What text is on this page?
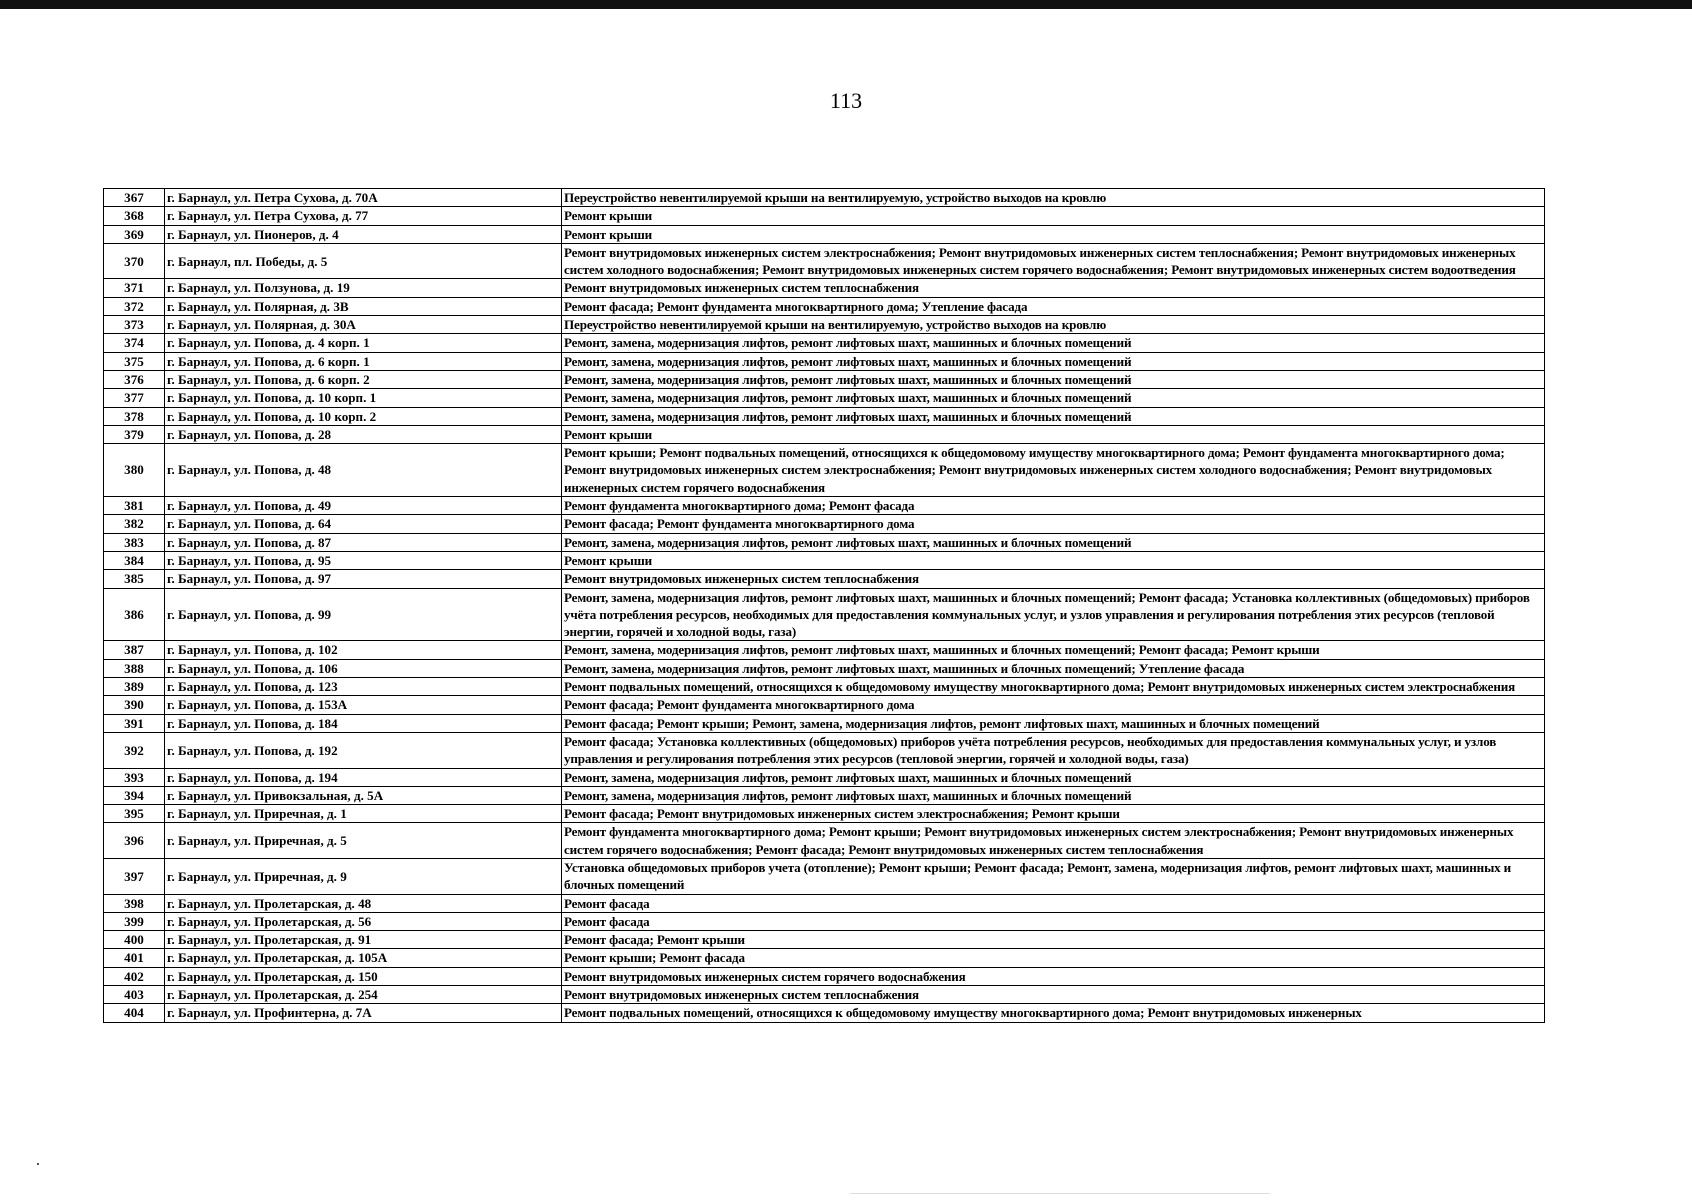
113
367	г. Барнаул, ул. Петра Сухова, д. 70А	Переустройство невентилируемой крыши на вентилируемую, устройство выходов на кровлю
368	г. Барнаул, ул. Петра Сухова, д. 77	Ремонт крыши
369	г. Барнаул, ул. Пионеров, д. 4	Ремонт крыши
370	г. Барнаул, пл. Победы, д. 5	Ремонт внутридомовых инженерных систем электроснабжения; Ремонт внутридомовых инженерных систем теплоснабжения; Ремонт внутридомовых инженерных систем холодного водоснабжения; Ремонт внутридомовых инженерных систем горячего водоснабжения; Ремонт внутридомовых инженерных систем водоотведения
371	г. Барнаул, ул. Ползунова, д. 19	Ремонт внутридомовых инженерных систем теплоснабжения
372	г. Барнаул, ул. Полярная, д. 3В	Ремонт фасада; Ремонт фундамента многоквартирного дома; Утепление фасада
373	г. Барнаул, ул. Полярная, д. 30А	Переустройство невентилируемой крыши на вентилируемую, устройство выходов на кровлю
374	г. Барнаул, ул. Попова, д. 4 корп. 1	Ремонт, замена, модернизация лифтов, ремонт лифтовых шахт, машинных и блочных помещений
375	г. Барнаул, ул. Попова, д. 6 корп. 1	Ремонт, замена, модернизация лифтов, ремонт лифтовых шахт, машинных и блочных помещений
376	г. Барнаул, ул. Попова, д. 6 корп. 2	Ремонт, замена, модернизация лифтов, ремонт лифтовых шахт, машинных и блочных помещений
377	г. Барнаул, ул. Попова, д. 10 корп. 1	Ремонт, замена, модернизация лифтов, ремонт лифтовых шахт, машинных и блочных помещений
378	г. Барнаул, ул. Попова, д. 10 корп. 2	Ремонт, замена, модернизация лифтов, ремонт лифтовых шахт, машинных и блочных помещений
379	г. Барнаул, ул. Попова, д. 28	Ремонт крыши
380	г. Барнаул, ул. Попова, д. 48	Ремонт крыши; Ремонт подвальных помещений, относящихся к общедомовому имуществу многоквартирного дома; Ремонт фундамента многоквартирного дома; Ремонт внутридомовых инженерных систем электроснабжения; Ремонт внутридомовых инженерных систем холодного водоснабжения; Ремонт внутридомовых инженерных систем горячего водоснабжения
381	г. Барнаул, ул. Попова, д. 49	Ремонт фундамента многоквартирного дома; Ремонт фасада
382	г. Барнаул, ул. Попова, д. 64	Ремонт фасада; Ремонт фундамента многоквартирного дома
383	г. Барнаул, ул. Попова, д. 87	Ремонт, замена, модернизация лифтов, ремонт лифтовых шахт, машинных и блочных помещений
384	г. Барнаул, ул. Попова, д. 95	Ремонт крыши
385	г. Барнаул, ул. Попова, д. 97	Ремонт внутридомовых инженерных систем теплоснабжения
386	г. Барнаул, ул. Попова, д. 99	Ремонт, замена, модернизация лифтов, ремонт лифтовых шахт, машинных и блочных помещений; Ремонт фасада; Установка коллективных (общедомовых) приборов учёта потребления ресурсов, необходимых для предоставления коммунальных услуг, и узлов управления и регулирования потребления этих ресурсов (тепловой энергии, горячей и холодной воды, газа)
387	г. Барнаул, ул. Попова, д. 102	Ремонт, замена, модернизация лифтов, ремонт лифтовых шахт, машинных и блочных помещений; Ремонт фасада; Ремонт крыши
388	г. Барнаул, ул. Попова, д. 106	Ремонт, замена, модернизация лифтов, ремонт лифтовых шахт, машинных и блочных помещений; Утепление фасада
389	г. Барнаул, ул. Попова, д. 123	Ремонт подвальных помещений, относящихся к общедомовому имуществу многоквартирного дома; Ремонт внутридомовых инженерных систем электроснабжения
390	г. Барнаул, ул. Попова, д. 153А	Ремонт фасада; Ремонт фундамента многоквартирного дома
391	г. Барнаул, ул. Попова, д. 184	Ремонт фасада; Ремонт крыши; Ремонт, замена, модернизация лифтов, ремонт лифтовых шахт, машинных и блочных помещений
392	г. Барнаул, ул. Попова, д. 192	Ремонт фасада; Установка коллективных (общедомовых) приборов учёта потребления ресурсов, необходимых для предоставления коммунальных услуг, и узлов управления и регулирования потребления этих ресурсов (тепловой энергии, горячей и холодной воды, газа)
393	г. Барнаул, ул. Попова, д. 194	Ремонт, замена, модернизация лифтов, ремонт лифтовых шахт, машинных и блочных помещений
394	г. Барнаул, ул. Привокзальная, д. 5А	Ремонт, замена, модернизация лифтов, ремонт лифтовых шахт, машинных и блочных помещений
395	г. Барнаул, ул. Приречная, д. 1	Ремонт фасада; Ремонт внутридомовых инженерных систем электроснабжения; Ремонт крыши
396	г. Барнаул, ул. Приречная, д. 5	Ремонт фундамента многоквартирного дома; Ремонт крыши; Ремонт внутридомовых инженерных систем электроснабжения; Ремонт внутридомовых инженерных систем горячего водоснабжения; Ремонт фасада; Ремонт внутридомовых инженерных систем теплоснабжения
397	г. Барнаул, ул. Приречная, д. 9	Установка общедомовых приборов учета (отопление); Ремонт крыши; Ремонт фасада; Ремонт, замена, модернизация лифтов, ремонт лифтовых шахт, машинных и блочных помещений
398	г. Барнаул, ул. Пролетарская, д. 48	Ремонт фасада
399	г. Барнаул, ул. Пролетарская, д. 56	Ремонт фасада
400	г. Барнаул, ул. Пролетарская, д. 91	Ремонт фасада; Ремонт крыши
401	г. Барнаул, ул. Пролетарская, д. 105А	Ремонт крыши; Ремонт фасада
402	г. Барнаул, ул. Пролетарская, д. 150	Ремонт внутридомовых инженерных систем горячего водоснабжения
403	г. Барнаул, ул. Пролетарская, д. 254	Ремонт внутридомовых инженерных систем теплоснабжения
404	г. Барнаул, ул. Профинтерна, д. 7А	Ремонт подвальных помещений, относящихся к общедомовому имуществу многоквартирного дома; Ремонт внутридомовых инженерных
